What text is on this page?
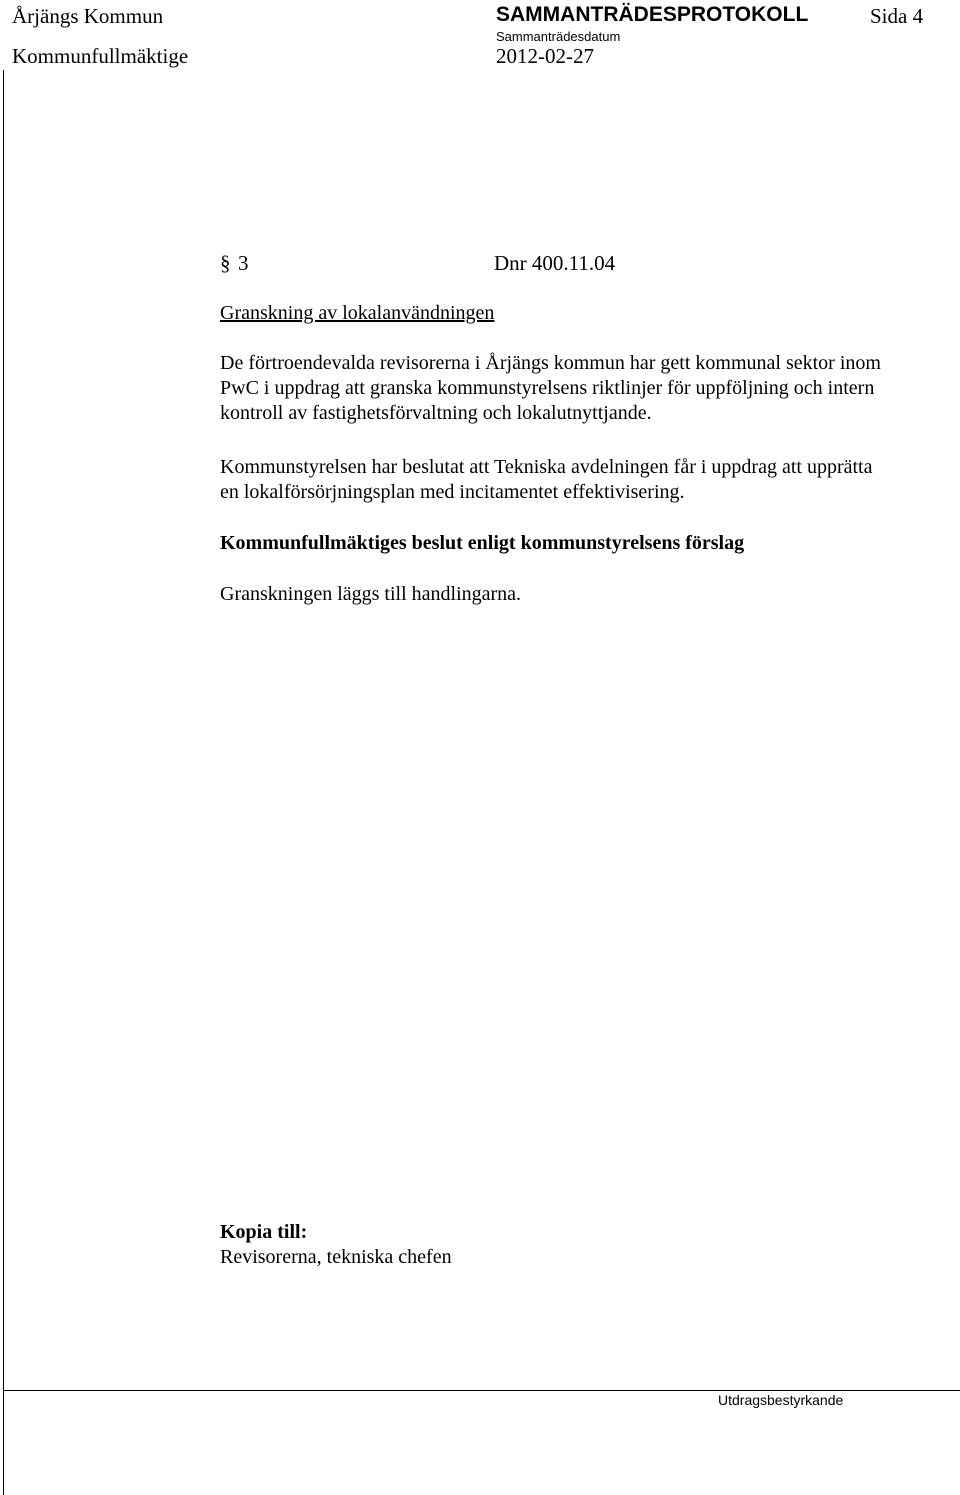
Årjängs Kommun
Kommunfullmäktige
SAMMANTRÄDESPROTOKOLL	Sida 4
Sammanträdesdatum
2012-02-27
§ 3	Dnr 400.11.04
Granskning av lokalanvändningen
De förtroendevalda revisorerna i Årjängs kommun har gett kommunal sektor inom
PwC i uppdrag att granska kommunstyrelsens riktlinjer för uppföljning och intern
kontroll av fastighetsförvaltning och lokalutnyttjande.
Kommunstyrelsen har beslutat att Tekniska avdelningen får i uppdrag att upprätta
en lokalförsörjningsplan med incitamentet effektivisering.
Kommunfullmäktiges beslut enligt kommunstyrelsens förslag
Granskningen läggs till handlingarna.
Kopia till:
Revisorerna, tekniska chefen
Utdragsbestyrkande
